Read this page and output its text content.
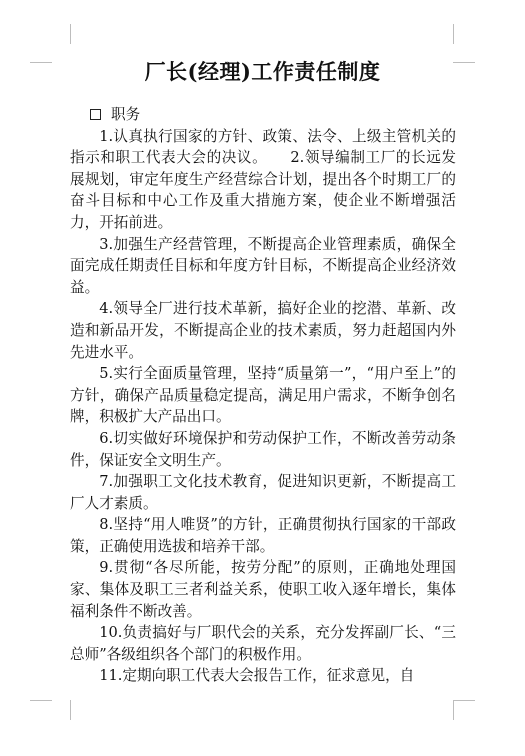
厂长(经理)工作责任制度
职务

1.认真执行国家的方针、政策、法令、上级主管机关的指示和职工代表大会的决议。　　2.领导编制工厂的长远发展规划，审定年度生产经营综合计划，提出各个时期工厂的奋斗目标和中心工作及重大措施方案，使企业不断增强活力，开拓前进。

3.加强生产经营管理，不断提高企业管理素质，确保全面完成任期责任目标和年度方针目标，不断提高企业经济效益。

4.领导全厂进行技术革新，搞好企业的挖潜、革新、改造和新品开发，不断提高企业的技术素质，努力赶超国内外先进水平。

5.实行全面质量管理，坚持“质量第一”，“用户至上”的方针，确保产品质量稳定提高，满足用户需求，不断争创名牌，积极扩大产品出口。

6.切实做好环境保护和劳动保护工作，不断改善劳动条件，保证安全文明生产。

7.加强职工文化技术教育，促进知识更新，不断提高工厂人才素质。

8.坚持“用人唯贤”的方针，正确贯彻执行国家的干部政策，正确使用选拔和培养干部。

9.贯彻“各尽所能，按劳分配”的原则，正确地处理国家、集体及职工三者利益关系，使职工收入逐年增长，集体福利条件不断改善。

10.负责搞好与厂职代会的关系，充分发挥副厂长、“三总师”各级组织各个部门的积极作用。

11.定期向职工代表大会报告工作，征求意见，自
